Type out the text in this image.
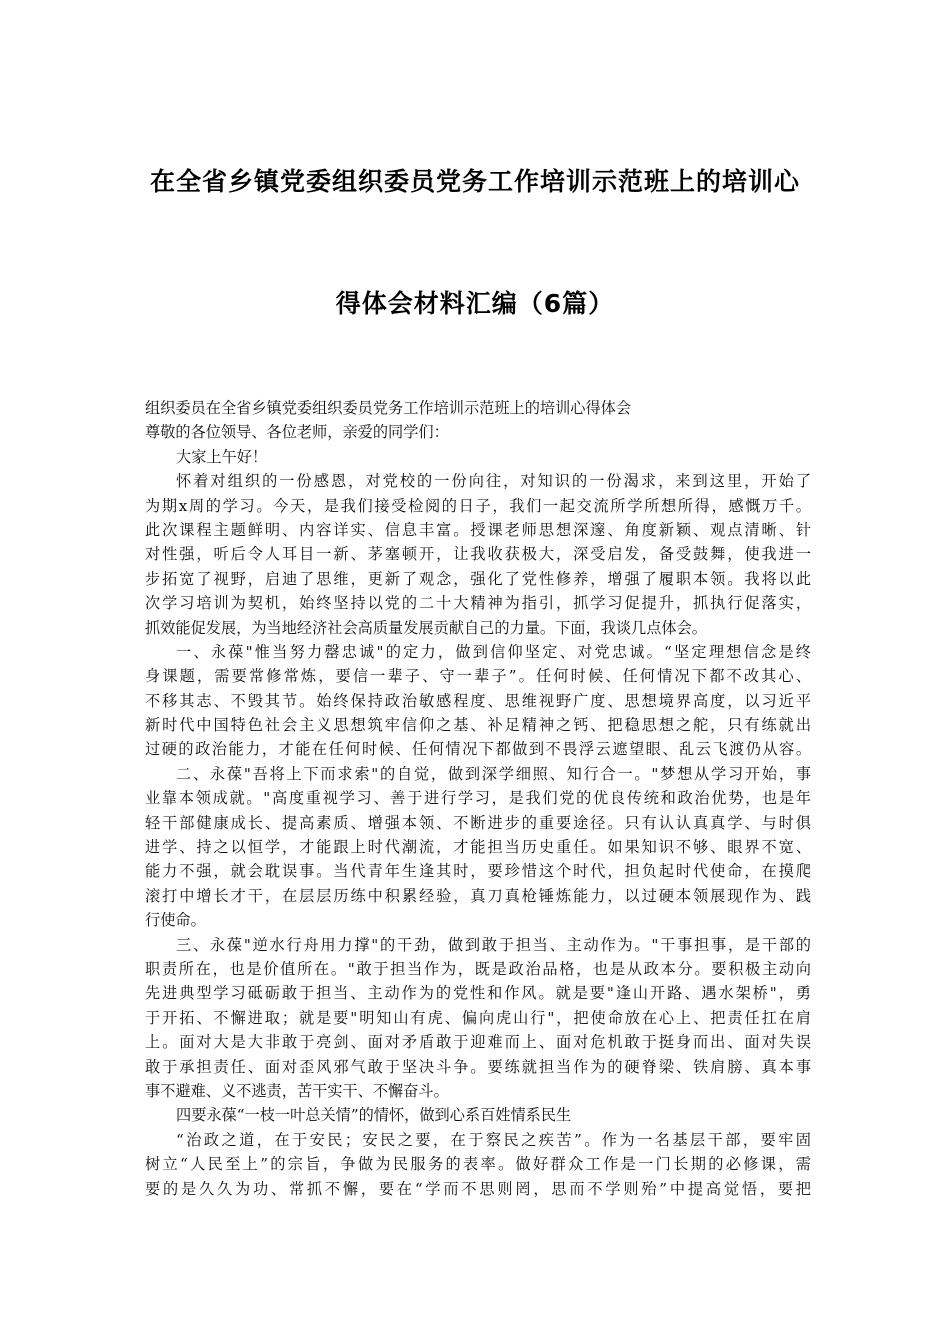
在全省乡镇党委组织委员党务工作培训示范班上的培训心
得体会材料汇编（6篇）
组织委员在全省乡镇党委组织委员党务工作培训示范班上的培训心得体会
尊敬的各位领导、各位老师，亲爱的同学们：
大家上午好！
怀着对组织的一份感恩，对党校的一份向往，对知识的一份渴求，来到这里，开始了
为期x周的学习。今天，是我们接受检阅的日子，我们一起交流所学所想所得，感慨万千。
此次课程主题鲜明、内容详实、信息丰富。授课老师思想深邃、角度新颖、观点清晰、针
对性强，听后令人耳目一新、茅塞顿开，让我收获极大，深受启发，备受鼓舞，使我进一
步拓宽了视野，启迪了思维，更新了观念，强化了党性修养，增强了履职本领。我将以此
次学习培训为契机，始终坚持以党的二十大精神为指引，抓学习促提升，抓执行促落实，
抓效能促发展，为当地经济社会高质量发展贡献自己的力量。下面，我谈几点体会。
一、永葆"惟当努力罄忠诚"的定力，做到信仰坚定、对党忠诚。“坚定理想信念是终
身课题，需要常修常炼，要信一辈子、守一辈子”。任何时候、任何情况下都不改其心、
不移其志、不毁其节。始终保持政治敏感程度、思维视野广度、思想境界高度，以习近平
新时代中国特色社会主义思想筑牢信仰之基、补足精神之钙、把稳思想之舵，只有练就出
过硬的政治能力，才能在任何时候、任何情况下都做到不畏浮云遮望眼、乱云飞渡仍从容。
二、永葆"吾将上下而求索"的自觉，做到深学细照、知行合一。"梦想从学习开始，事
业靠本领成就。"高度重视学习、善于进行学习，是我们党的优良传统和政治优势，也是年
轻干部健康成长、提高素质、增强本领、不断进步的重要途径。只有认认真真学、与时俱
进学、持之以恒学，才能跟上时代潮流，才能担当历史重任。如果知识不够、眼界不宽、
能力不强，就会耽误事。当代青年生逢其时，要珍惜这个时代，担负起时代使命，在摸爬
滚打中增长才干，在层层历练中积累经验，真刀真枪锤炼能力，以过硬本领展现作为、践
行使命。
三、永葆"逆水行舟用力撑"的干劲，做到敢于担当、主动作为。"干事担事，是干部的
职责所在，也是价值所在。"敢于担当作为，既是政治品格，也是从政本分。要积极主动向
先进典型学习砥砺敢于担当、主动作为的党性和作风。就是要"逢山开路、遇水架桥"，勇
于开拓、不懈进取；就是要"明知山有虎、偏向虎山行"，把使命放在心上、把责任扛在肩
上。面对大是大非敢于亮剑、面对矛盾敢于迎难而上、面对危机敢于挺身而出、面对失误
敢于承担责任、面对歪风邪气敢于坚决斗争。要练就担当作为的硬脊梁、铁肩膀、真本事
事不避难、义不逃责，苦干实干、不懈奋斗。
四要永葆“一枝一叶总关情”的情怀，做到心系百姓情系民生
“治政之道，在于安民；安民之要，在于察民之疾苦”。作为一名基层干部，要牢固
树立“人民至上”的宗旨，争做为民服务的表率。做好群众工作是一门长期的必修课，需
要的是久久为功、常抓不懈，要在“学而不思则罔，思而不学则殆”中提高觉悟，要把
